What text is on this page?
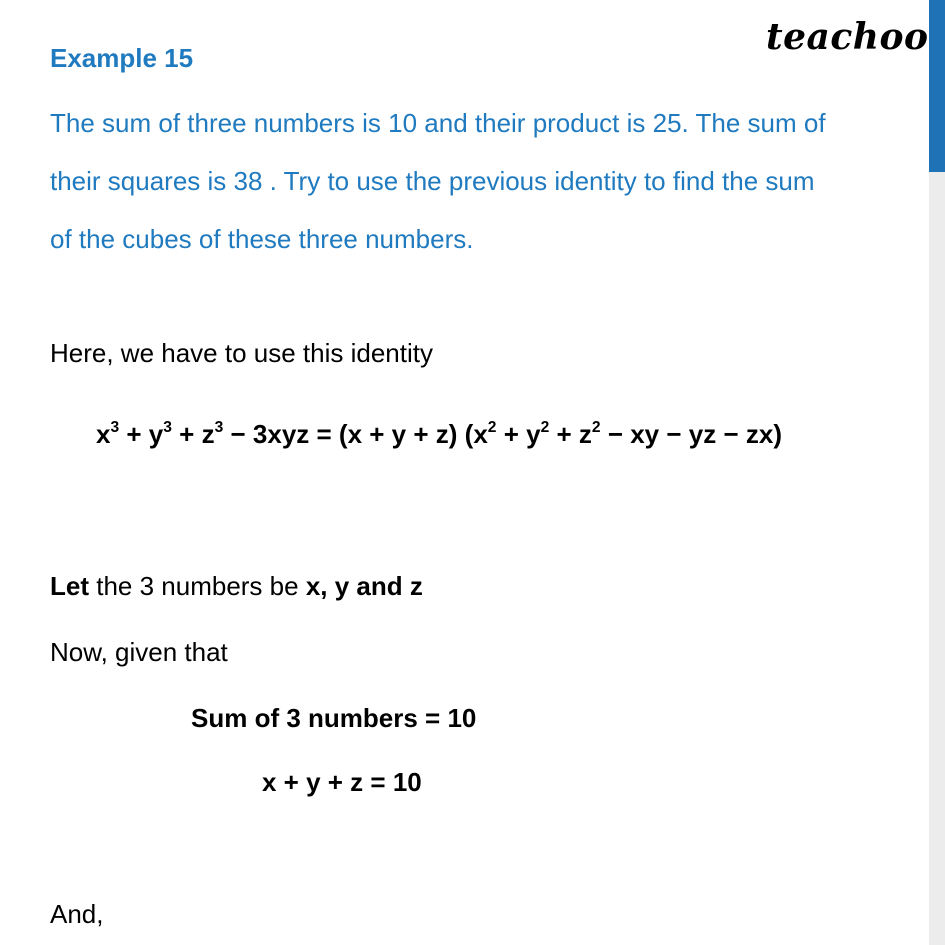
Example 15	teachoo
The sum of three numbers is 10 and their product is 25. The sum of
their squares is 38 . Try to use the previous identity to find the sum
of the cubes of these three numbers.
Here, we have to use this identity
$x^3 + y^3 + z^3 - 3xyz = (x + y + z) (x^2 + y^2 + z^2$ − xy − yz − zx)
Let the 3 numbers be x, y and z
Now, given that
Sum of 3 numbers = 10
x + y + z = 10
And,
